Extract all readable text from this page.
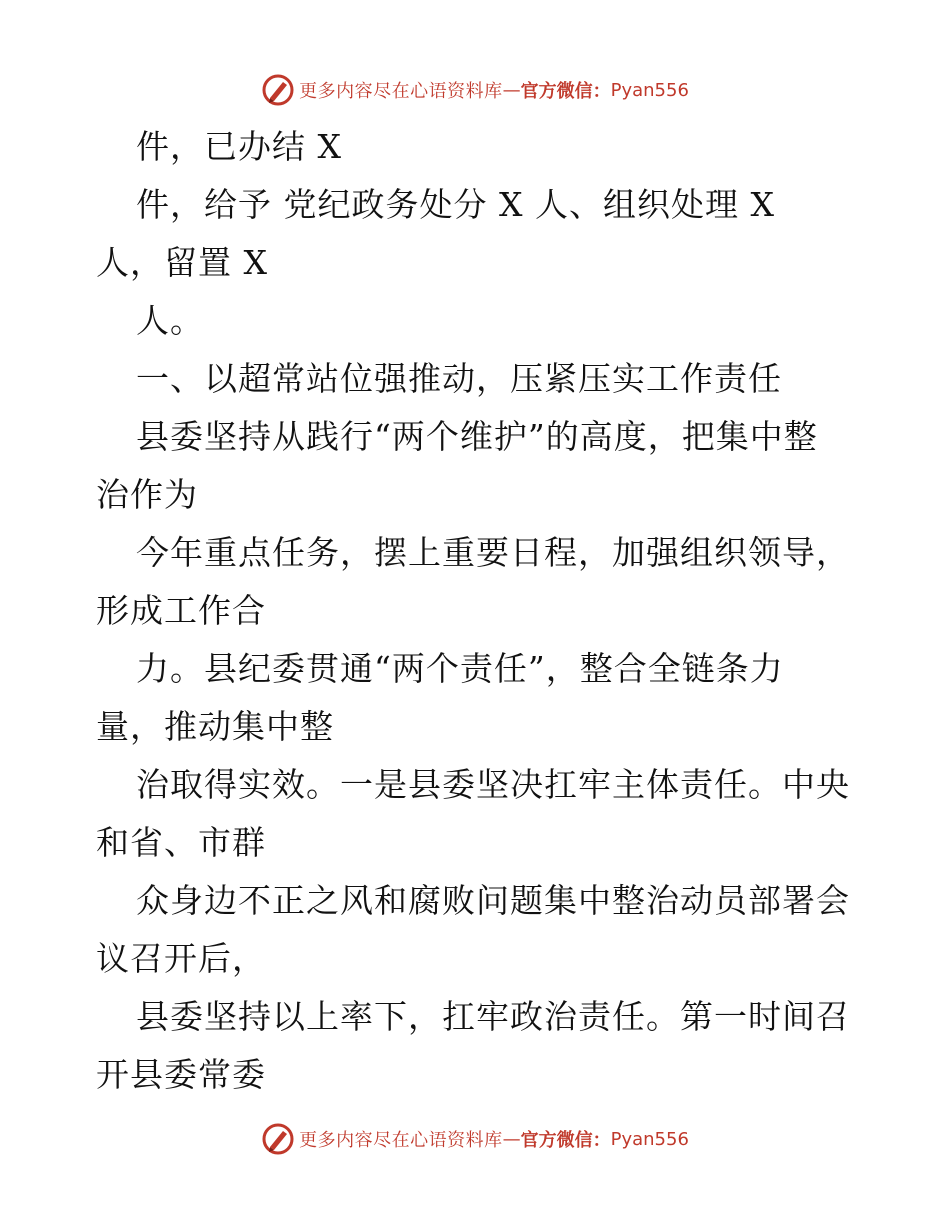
更多内容尽在心语资料库 — 官方微信： Pyan556
件，已办结 X
件，给予 党纪政务处分 X 人、组织处理 X
人，留置 X
人。
一、以超常站位强推动，压紧压实工作责任
县委坚持从践行“两个维护”的高度，把集中整
治作为
今年重点任务，摆上重要日程，加强组织领导，
形成工作合
力。县纪委贯通“两个责任”，整合全链条力
量，推动集中整
治取得实效。一是县委坚决扛牢主体责任。中央
和省、市群
众身边不正之风和腐败问题集中整治动员部署会
议召开后，
县委坚持以上率下，扛牢政治责任。第一时间召
开县委常委
更多内容尽在心语资料库 — 官方微信： Pyan556
